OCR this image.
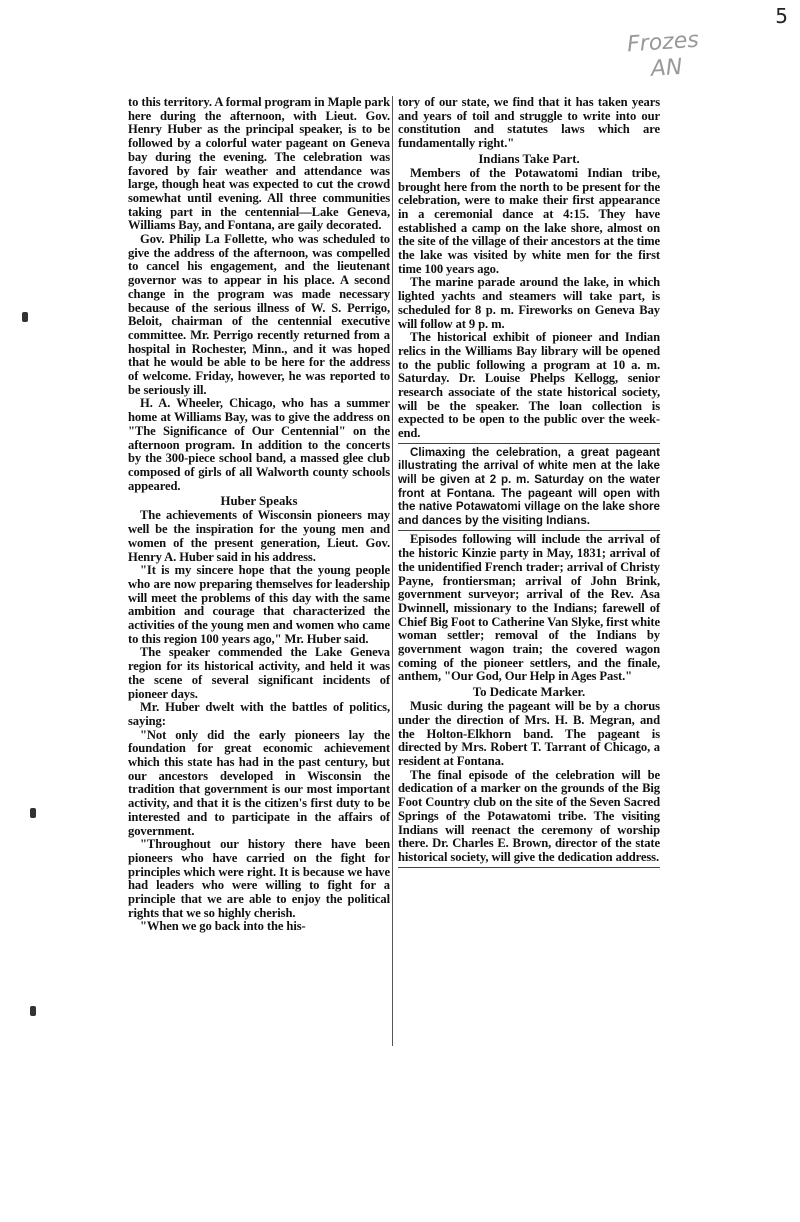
5
Frozes
AN

to this territory. A formal program in Maple park here during the afternoon, with Lieut. Gov. Henry Huber as the principal speaker, is to be followed by a colorful water pageant on Geneva bay during the evening. The celebration was favored by fair weather and attendance was large, though heat was expected to cut the crowd somewhat until evening. All three communities taking part in the centennial—Lake Geneva, Williams Bay, and Fontana, are gaily decorated.

Gov. Philip La Follette, who was scheduled to give the address of the afternoon, was compelled to cancel his engagement, and the lieutenant governor was to appear in his place. A second change in the program was made necessary because of the serious illness of W. S. Perrigo, Beloit, chairman of the centennial executive committee. Mr. Perrigo recently returned from a hospital in Rochester, Minn., and it was hoped that he would be able to be here for the address of welcome. Friday, however, he was reported to be seriously ill.

H. A. Wheeler, Chicago, who has a summer home at Williams Bay, was to give the address on "The Significance of Our Centennial" on the afternoon program. In addition to the concerts by the 300-piece school band, a massed glee club composed of girls of all Walworth county schools appeared.

Huber Speaks

The achievements of Wisconsin pioneers may well be the inspiration for the young men and women of the present generation, Lieut. Gov. Henry A. Huber said in his address.

"It is my sincere hope that the young people who are now preparing themselves for leadership will meet the problems of this day with the same ambition and courage that characterized the activities of the young men and women who came to this region 100 years ago," Mr. Huber said.

The speaker commended the Lake Geneva region for its historical activity, and held it was the scene of several significant incidents of pioneer days.

Mr. Huber dwelt with the battles of politics, saying:

"Not only did the early pioneers lay the foundation for great economic achievement which this state has had in the past century, but our ancestors developed in Wisconsin the tradition that government is our most important activity, and that it is the citizen's first duty to be interested and to participate in the affairs of government.

"Throughout our history there have been pioneers who have carried on the fight for principles which were right. It is because we have had leaders who were willing to fight for a principle that we are able to enjoy the political rights that we so highly cherish.

"When we go back into the his-

tory of our state, we find that it has taken years and years of toil and struggle to write into our constitution and statutes laws which are fundamentally right."

Indians Take Part.

Members of the Potawatomi Indian tribe, brought here from the north to be present for the celebration, were to make their first appearance in a ceremonial dance at 4:15. They have established a camp on the lake shore, almost on the site of the village of their ancestors at the time the lake was visited by white men for the first time 100 years ago.

The marine parade around the lake, in which lighted yachts and steamers will take part, is scheduled for 8 p. m. Fireworks on Geneva Bay will follow at 9 p. m.

The historical exhibit of pioneer and Indian relics in the Williams Bay library will be opened to the public following a program at 10 a. m. Saturday. Dr. Louise Phelps Kellogg, senior research associate of the state historical society, will be the speaker. The loan collection is expected to be open to the public over the week-end.

Climaxing the celebration, a great pageant illustrating the arrival of white men at the lake will be given at 2 p. m. Saturday on the water front at Fontana. The pageant will open with the native Potawatomi village on the lake shore and dances by the visiting Indians.

Episodes following will include the arrival of the historic Kinzie party in May, 1831; arrival of the unidentified French trader; arrival of Christy Payne, frontiersman; arrival of John Brink, government surveyor; arrival of the Rev. Asa Dwinnell, missionary to the Indians; farewell of Chief Big Foot to Catherine Van Slyke, first white woman settler; removal of the Indians by government wagon train; the covered wagon coming of the pioneer settlers, and the finale, anthem, "Our God, Our Help in Ages Past."

To Dedicate Marker.

Music during the pageant will be by a chorus under the direction of Mrs. H. B. Megran, and the Holton-Elkhorn band. The pageant is directed by Mrs. Robert T. Tarrant of Chicago, a resident at Fontana.

The final episode of the celebration will be dedication of a marker on the grounds of the Big Foot Country club on the site of the Seven Sacred Springs of the Potawatomi tribe. The visiting Indians will reenact the ceremony of worship there. Dr. Charles E. Brown, director of the state historical society, will give the dedication address.
